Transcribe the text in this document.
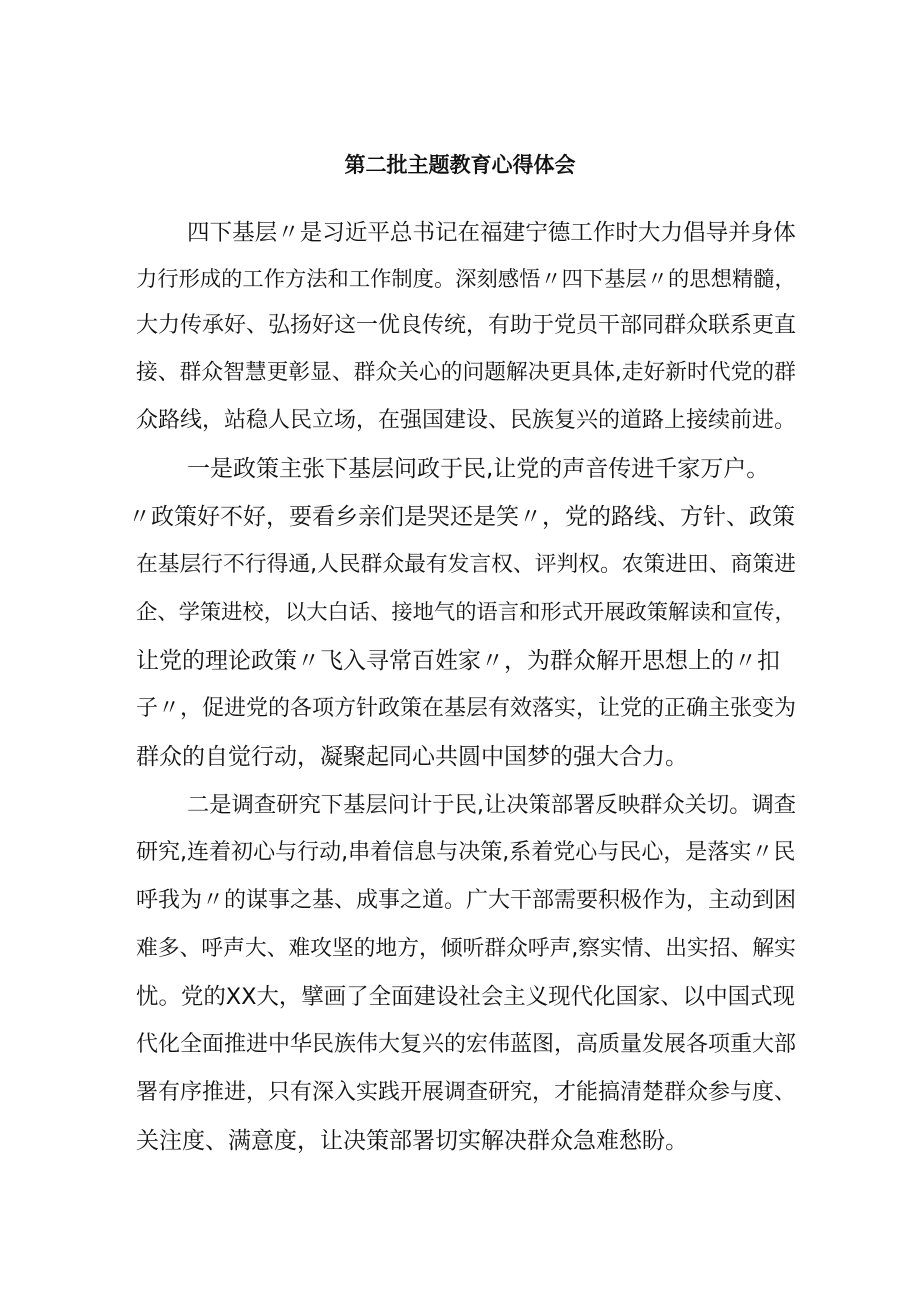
第二批主题教育心得体会

四下基层〃是习近平总书记在福建宁德工作时大力倡导并身体

力行形成的工作方法和工作制度。深刻感悟〃四下基层〃的思想精髓，

大力传承好、弘扬好这一优良传统，有助于党员干部同群众联系更直

接、群众智慧更彰显、群众关心的问题解决更具体,走好新时代党的群

众路线，站稳人民立场，在强国建设、民族复兴的道路上接续前进。

一是政策主张下基层问政于民,让党的声音传进千家万户。

〃政策好不好，要看乡亲们是哭还是笑〃，党的路线、方针、政策

在基层行不行得通,人民群众最有发言权、评判权。农策进田、商策进

企、学策进校，以大白话、接地气的语言和形式开展政策解读和宣传，

让党的理论政策〃飞入寻常百姓家〃，为群众解开思想上的〃扣

子〃，促进党的各项方针政策在基层有效落实，让党的正确主张变为

群众的自觉行动，凝聚起同心共圆中国梦的强大合力。

二是调查研究下基层问计于民,让决策部署反映群众关切。调查

研究,连着初心与行动,串着信息与决策,系着党心与民心，是落实〃民

呼我为〃的谋事之基、成事之道。广大干部需要积极作为，主动到困

难多、呼声大、难攻坚的地方，倾听群众呼声,察实情、出实招、解实

忧。党的XX大，擘画了全面建设社会主义现代化国家、以中国式现

代化全面推进中华民族伟大复兴的宏伟蓝图，高质量发展各项重大部

署有序推进，只有深入实践开展调查研究，才能搞清楚群众参与度、

关注度、满意度，让决策部署切实解决群众急难愁盼。
